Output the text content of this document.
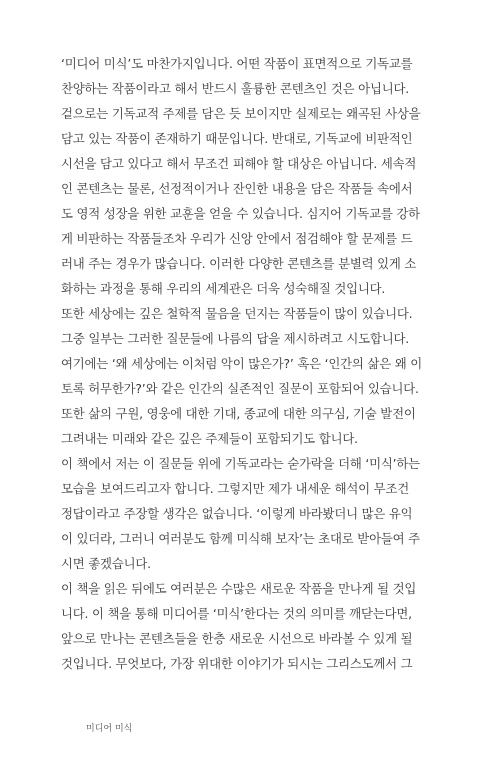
‘미디어 미식’도 마찬가지입니다. 어떤 작품이 표면적으로 기독교를
찬양하는 작품이라고 해서 반드시 훌륭한 콘텐츠인 것은 아닙니다.
겉으로는 기독교적 주제를 담은 듯 보이지만 실제로는 왜곡된 사상을
담고 있는 작품이 존재하기 때문입니다. 반대로, 기독교에 비판적인
시선을 담고 있다고 해서 무조건 피해야 할 대상은 아닙니다. 세속적
인 콘텐츠는 물론, 선정적이거나 잔인한 내용을 담은 작품들 속에서
도 영적 성장을 위한 교훈을 얻을 수 있습니다. 심지어 기독교를 강하
게 비판하는 작품들조차 우리가 신앙 안에서 점검해야 할 문제를 드
러내 주는 경우가 많습니다. 이러한 다양한 콘텐츠를 분별력 있게 소
화하는 과정을 통해 우리의 세계관은 더욱 성숙해질 것입니다.
또한 세상에는 깊은 철학적 물음을 던지는 작품들이 많이 있습니다.
그중 일부는 그러한 질문들에 나름의 답을 제시하려고 시도합니다.
여기에는 ‘왜 세상에는 이처럼 악이 많은가?’ 혹은 ‘인간의 삶은 왜 이
토록 허무한가?’와 같은 인간의 실존적인 질문이 포함되어 있습니다.
또한 삶의 구원, 영웅에 대한 기대, 종교에 대한 의구심, 기술 발전이
그려내는 미래와 같은 깊은 주제들이 포함되기도 합니다.
이 책에서 저는 이 질문들 위에 기독교라는 숟가락을 더해 ‘미식’하는
모습을 보여드리고자 합니다. 그렇지만 제가 내세운 해석이 무조건
정답이라고 주장할 생각은 없습니다. ‘이렇게 바라봤더니 많은 유익
이 있더라, 그러니 여러분도 함께 미식해 보자’는 초대로 받아들여 주
시면 좋겠습니다.
이 책을 읽은 뒤에도 여러분은 수많은 새로운 작품을 만나게 될 것입
니다. 이 책을 통해 미디어를 ‘미식’한다는 것의 의미를 깨닫는다면,
앞으로 만나는 콘텐츠들을 한층 새로운 시선으로 바라볼 수 있게 될
것입니다. 무엇보다, 가장 위대한 이야기가 되시는 그리스도께서 그
미디어 미식
